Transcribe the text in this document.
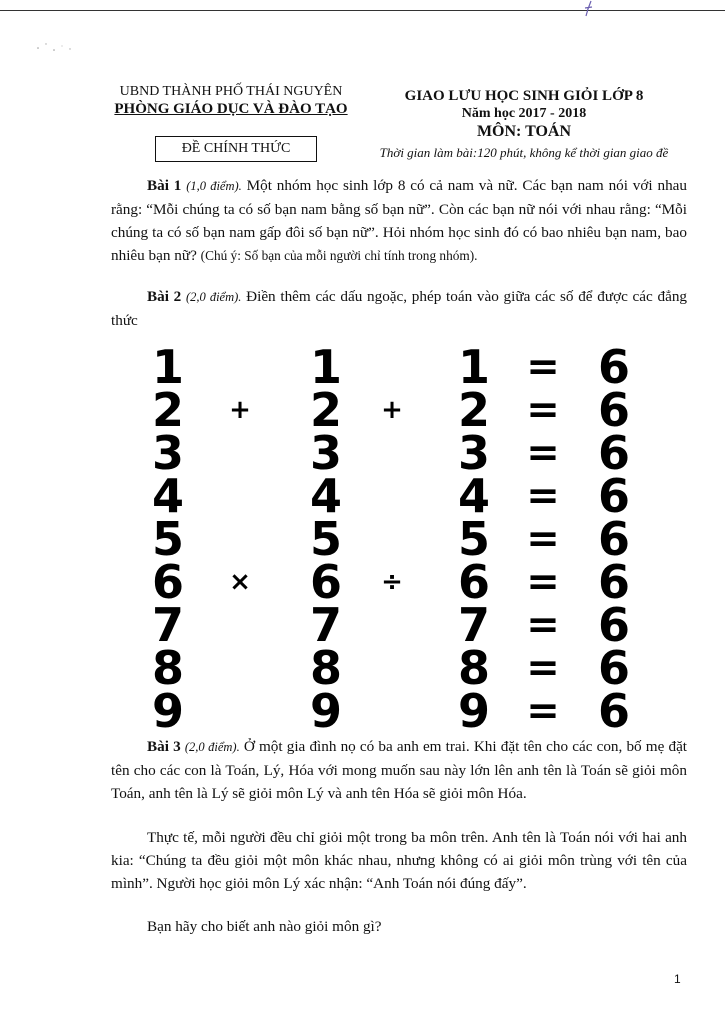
UBND THÀNH PHỐ THÁI NGUYÊN
PHÒNG GIÁO DỤC VÀ ĐÀO TẠO
ĐỀ CHÍNH THỨC
GIAO LƯU HỌC SINH GIỎI LỚP 8
Năm học 2017 - 2018
MÔN: TOÁN
Thời gian làm bài:120 phút, không kể thời gian giao đề
Bài 1 (1,0 điểm). Một nhóm học sinh lớp 8 có cả nam và nữ. Các bạn nam nói với nhau rằng: “Mỗi chúng ta có số bạn nam bằng số bạn nữ”. Còn các bạn nữ nói với nhau rằng: “Mỗi chúng ta có số bạn nam gấp đôi số bạn nữ”. Hỏi nhóm học sinh đó có bao nhiêu bạn nam, bao nhiêu bạn nữ? (Chú ý: Số bạn của mỗi người chỉ tính trong nhóm).
Bài 2 (2,0 điểm). Điền thêm các dấu ngoặc, phép toán vào giữa các số để được các đẳng thức
1	1	1 = 6
2 + 2 + 2 = 6
3	3	3 = 6
4	4	4 = 6
5	5	5 = 6
6 × 6 ÷ 6 = 6
7	7	7 = 6
8	8	8 = 6
9	9	9 = 6
Bài 3 (2,0 điểm). Ở một gia đình nọ có ba anh em trai. Khi đặt tên cho các con, bố mẹ đặt tên cho các con là Toán, Lý, Hóa với mong muốn sau này lớn lên anh tên là Toán sẽ giỏi môn Toán, anh tên là Lý sẽ giỏi môn Lý và anh tên Hóa sẽ giỏi môn Hóa.
Thực tế, mỗi người đều chỉ giỏi một trong ba môn trên. Anh tên là Toán nói với hai anh kia: “Chúng ta đều giỏi một môn khác nhau, nhưng không có ai giỏi môn trùng với tên của mình”. Người học giỏi môn Lý xác nhận: “Anh Toán nói đúng đấy”.
Bạn hãy cho biết anh nào giỏi môn gì?
1
